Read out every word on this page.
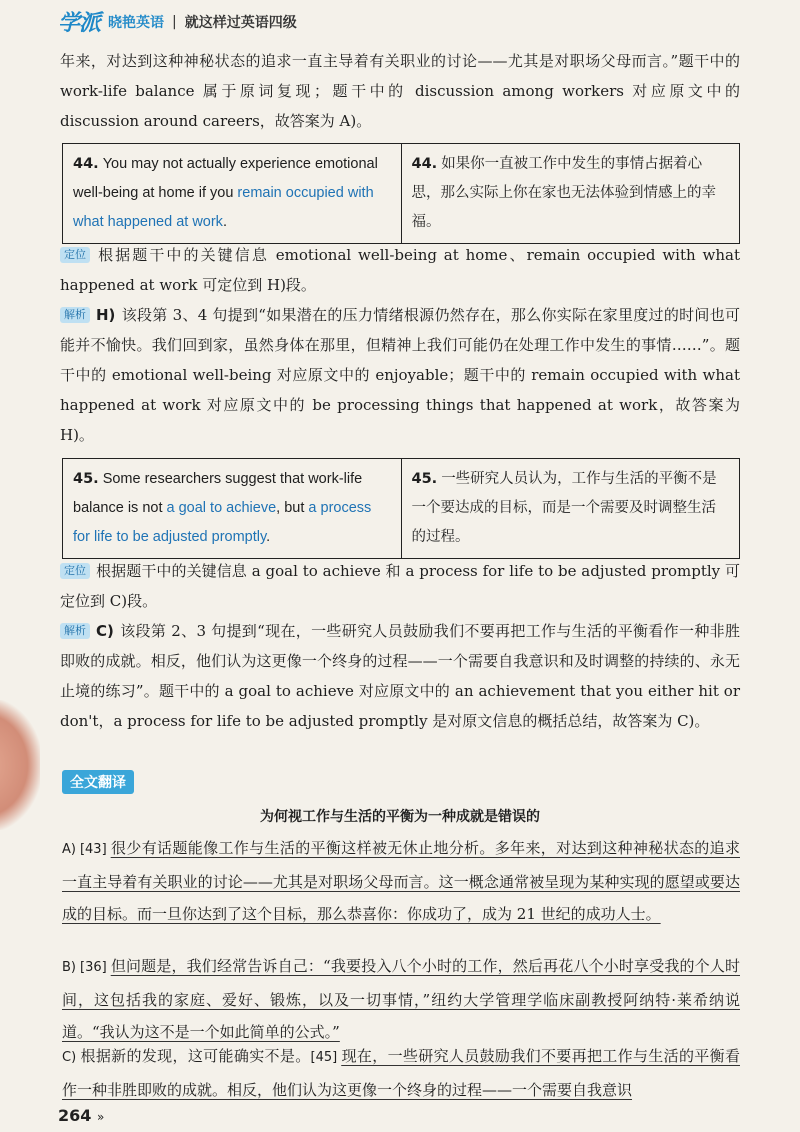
学派 晓艳英语 | 就这样过英语四级
年来，对达到这种神秘状态的追求一直主导着有关职业的讨论——尤其是对职场父母而言。”题干中的 work-life balance 属于原词复现；题干中的 discussion among workers 对应原文中的 discussion around careers，故答案为 A)。
44. You may not actually experience emotional well-being at home if you remain occupied with what happened at work.	44. 如果你一直被工作中发生的事情占据着心思，那么实际上你在家也无法体验到情感上的幸福。
定位 根据题干中的关键信息 emotional well-being at home、remain occupied with what happened at work 可定位到 H)段。
解析 H) 该段第 3、4 句提到“如果潜在的压力情绪根源仍然存在，那么你实际在家里度过的时间也可能并不愉快。我们回到家，虽然身体在那里，但精神上我们可能仍在处理工作中发生的事情……”。题干中的 emotional well-being 对应原文中的 enjoyable；题干中的 remain occupied with what happened at work 对应原文中的 be processing things that happened at work，故答案为 H)。
45. Some researchers suggest that work-life balance is not a goal to achieve, but a process for life to be adjusted promptly.	45. 一些研究人员认为，工作与生活的平衡不是一个要达成的目标，而是一个需要及时调整生活的过程。
定位 根据题干中的关键信息 a goal to achieve 和 a process for life to be adjusted promptly 可定位到 C)段。
解析 C) 该段第 2、3 句提到“现在，一些研究人员鼓励我们不要再把工作与生活的平衡看作一种非胜即败的成就。相反，他们认为这更像一个终身的过程——一个需要自我意识和及时调整的持续的、永无止境的练习”。题干中的 a goal to achieve 对应原文中的 an achievement that you either hit or don't，a process for life to be adjusted promptly 是对原文信息的概括总结，故答案为 C)。
全文翻译
为何视工作与生活的平衡为一种成就是错误的
A) [43] 很少有话题能像工作与生活的平衡这样被无休止地分析。多年来，对达到这种神秘状态的追求一直主导着有关职业的讨论——尤其是对职场父母而言。这一概念通常被呈现为某种实现的愿望或要达成的目标。而一旦你达到了这个目标，那么恭喜你：你成功了，成为 21 世纪的成功人士。
B) [36] 但问题是，我们经常告诉自己：“我要投入八个小时的工作，然后再花八个小时享受我的个人时间，这包括我的家庭、爱好、锻炼，以及一切事情，”纽约大学管理学临床副教授阿纳特·莱希纳说道。“我认为这不是一个如此简单的公式。”
C) 根据新的发现，这可能确实不是。[45] 现在，一些研究人员鼓励我们不要再把工作与生活的平衡看作一种非胜即败的成就。相反，他们认为这更像一个终身的过程——一个需要自我意识
264 »
